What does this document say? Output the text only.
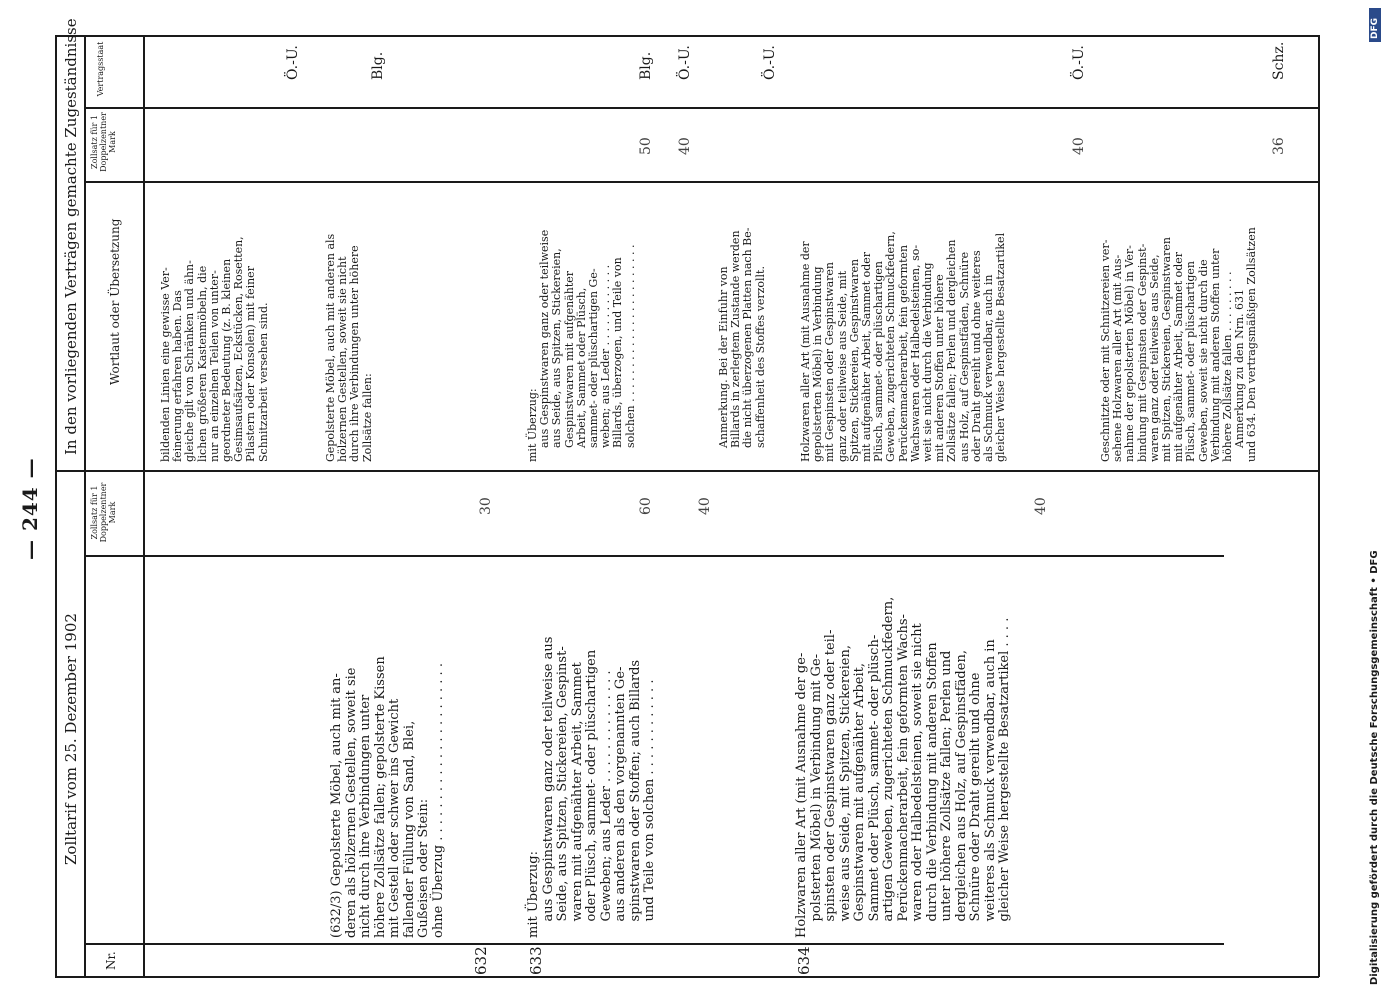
— 244 —
Digitalisierung gefördert durch die Deutsche Forschungsgemeinschaft • DFG
DFG
Zolltarif vom 25. Dezember 1902
In den vorliegenden Verträgen gemachte Zugeständnisse
Nr.
Zollsatz für 1 Doppelzentner Mark
Wortlaut oder Übersetzung
Zollsatz für 1 Doppelzentner Mark
Vertragsstaat
(632/3) Gepolsterte Möbel, auch mit an-
deren als hölzernen Gestellen, soweit sie
nicht durch ihre Verbindungen unter
höhere Zollsätze fallen; gepolsterte Kissen
mit Gestell oder schwer ins Gewicht
fallender Füllung von Sand, Blei,
Gußeisen oder Stein:
ohne Überzug . . . . . . . . . . . . . . . . . . . . . .
632
30
mit Überzug:
aus Gespinstwaren ganz oder teilweise aus
Seide, aus Spitzen, Stickereien, Gespinst-
waren mit aufgenähter Arbeit, Sammet
oder Plüsch, sammet- oder plüschartigen
Geweben; aus Leder . . . . . . . . . . . . . .
aus anderen als den vorgenannten Ge-
spinstwaren oder Stoffen; auch Billards
und Teile von solchen . . . . . . . . . . . .
633
60	40
Holzwaren aller Art (mit Ausnahme der ge-
polsterten Möbel) in Verbindung mit Ge-
spinsten oder Gespinstwaren ganz oder teil-
weise aus Seide, mit Spitzen, Stickereien,
Gespinstwaren mit aufgenähter Arbeit,
Sammet oder Plüsch, sammet- oder plüsch-
artigen Geweben, zugerichteten Schmuckfedern,
Perückenmacherarbeit, fein geformten Wachs-
waren oder Halbedelsteinen, soweit sie nicht
durch die Verbindung mit anderen Stoffen
unter höhere Zollsätze fallen; Perlen und
dergleichen aus Holz, auf Gespinstfäden,
Schnüre oder Draht gereiht und ohne
weiteres als Schmuck verwendbar, auch in
gleicher Weise hergestellte Besatzartikel . . . .
634
40
bildenden Linien eine gewisse Ver-
feinerung erfahren haben. Das
gleiche gilt von Schränken und ähn-
lichen größeren Kastenmöbeln, die
nur an einzelnen Teilen von unter-
geordneter Bedeutung (z. B. kleinen
Gesimsaufsätzen, Eckstücken, Rosetten,
Pilastern oder Konsolen) mit feiner
Schnitzarbeit versehen sind.
Ö.-U.
Gepolsterte Möbel, auch mit anderen als
hölzernen Gestellen, soweit sie nicht
durch ihre Verbindungen unter höhere
Zollsätze fallen:
Blg.
mit Überzug:
aus Gespinstwaren ganz oder teilweise
aus Seide, aus Spitzen, Stickereien,
Gespinstwaren mit aufgenähter
Arbeit, Sammet oder Plüsch,
sammet- oder plüschartigen Ge-
weben; aus Leder . . . . . . . . . . . .
Billards, überzogen, und Teile von
solchen . . . . . . . . . . . . . . . . . . . . . . .
50
Blg.
40
Ö.-U.
Anmerkung. Bei der Einfuhr von
Billards in zerlegtem Zustande werden
die nicht überzogenen Platten nach Be-
schaffenheit des Stoffes verzollt.
Ö.-U.
Holzwaren aller Art (mit Ausnahme der
gepolsterten Möbel) in Verbindung
mit Gespinsten oder Gespinstwaren
ganz oder teilweise aus Seide, mit
Spitzen, Stickereien, Gespinstwaren
mit aufgenähter Arbeit, Sammet oder
Plüsch, sammet- oder plüschartigen
Geweben, zugerichteten Schmuckfedern,
Perückenmacherarbeit, fein geformten
Wachswaren oder Halbedelsteinen, so-
weit sie nicht durch die Verbindung
mit anderen Stoffen unter höhere
Zollsätze fallen; Perlen und dergleichen
aus Holz, auf Gespinstfäden, Schnüre
oder Draht gereiht und ohne weiteres
als Schmuck verwendbar, auch in
gleicher Weise hergestellte Besatzartikel
40
Ö.-U.
Geschnitzte oder mit Schnitzereien ver-
sehene Holzwaren aller Art (mit Aus-
nahme der gepolsterten Möbel) in Ver-
bindung mit Gespinsten oder Gespinst-
waren ganz oder teilweise aus Seide,
mit Spitzen, Stickereien, Gespinstwaren
mit aufgenähter Arbeit, Sammet oder
Plüsch, sammet- oder plüschartigen
Geweben, soweit sie nicht durch die
Verbindung mit anderen Stoffen unter
höhere Zollsätze fallen . . . . . . . . .
Anmerkung zu den Nrn. 631
und 634. Den vertragsmäßigen Zollsätzen
36
Schz.
